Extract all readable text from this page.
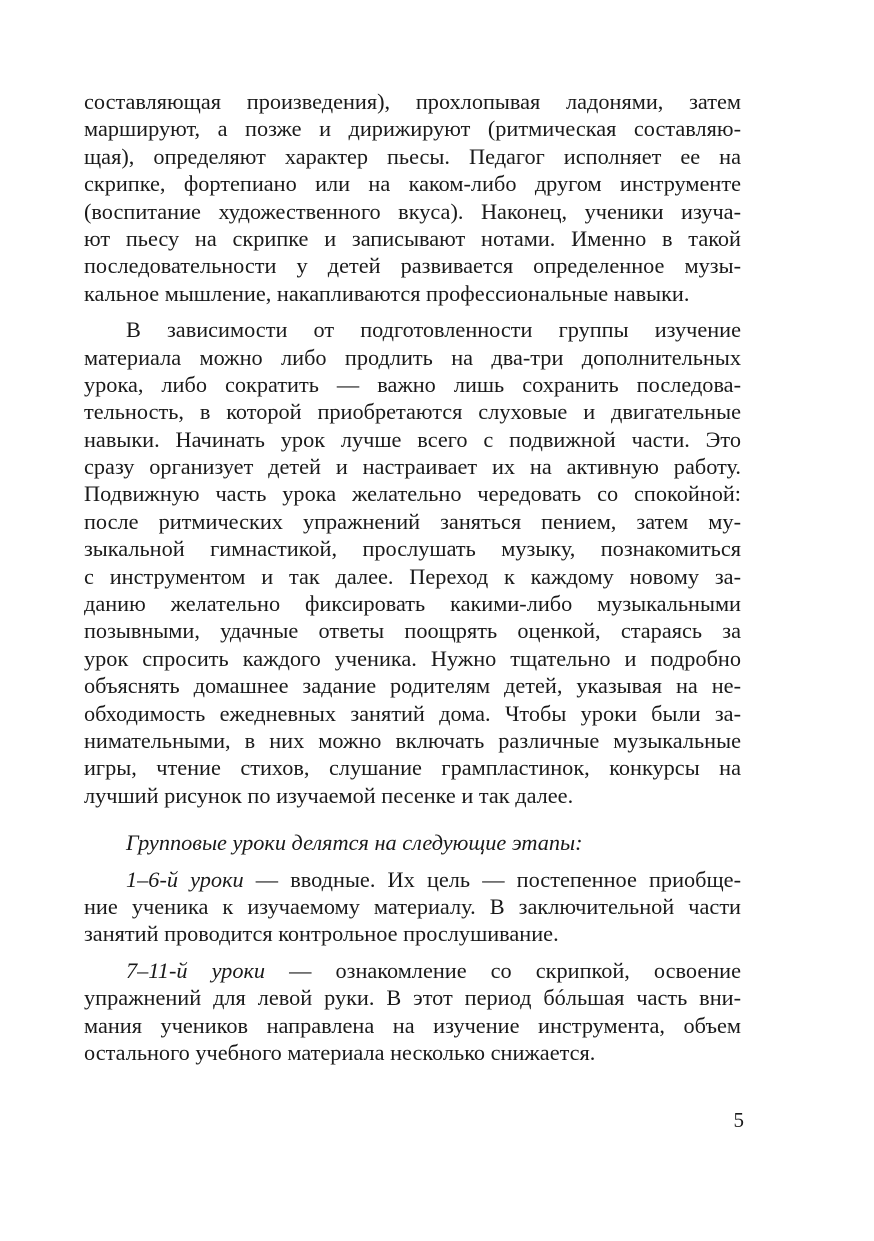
составляющая произведения), прохлопывая ладонями, затем
маршируют, а позже и дирижируют (ритмическая составляю-
щая), определяют характер пьесы. Педагог исполняет ее на
скрипке, фортепиано или на каком-либо другом инструменте
(воспитание художественного вкуса). Наконец, ученики изуча-
ют пьесу на скрипке и записывают нотами. Именно в такой
последовательности у детей развивается определенное музы-
кальное мышление, накапливаются профессиональные навыки.
В зависимости от подготовленности группы изучение
материала можно либо продлить на два-три дополнительных
урока, либо сократить — важно лишь сохранить последова-
тельность, в которой приобретаются слуховые и двигательные
навыки. Начинать урок лучше всего с подвижной части. Это
сразу организует детей и настраивает их на активную работу.
Подвижную часть урока желательно чередовать со спокойной:
после ритмических упражнений заняться пением, затем му-
зыкальной гимнастикой, прослушать музыку, познакомиться
с инструментом и так далее. Переход к каждому новому за-
данию желательно фиксировать какими-либо музыкальными
позывными, удачные ответы поощрять оценкой, стараясь за
урок спросить каждого ученика. Нужно тщательно и подробно
объяснять домашнее задание родителям детей, указывая на не-
обходимость ежедневных занятий дома. Чтобы уроки были за-
нимательными, в них можно включать различные музыкальные
игры, чтение стихов, слушание грампластинок, конкурсы на
лучший рисунок по изучаемой песенке и так далее.
Групповые уроки делятся на следующие этапы:
1–6-й уроки — вводные. Их цель — постепенное приобще-
ние ученика к изучаемому материалу. В заключительной части
занятий проводится контрольное прослушивание.
7–11-й уроки — ознакомление со скрипкой, освоение
упражнений для левой руки. В этот период бóльшая часть вни-
мания учеников направлена на изучение инструмента, объем
остального учебного материала несколько снижается.
5
